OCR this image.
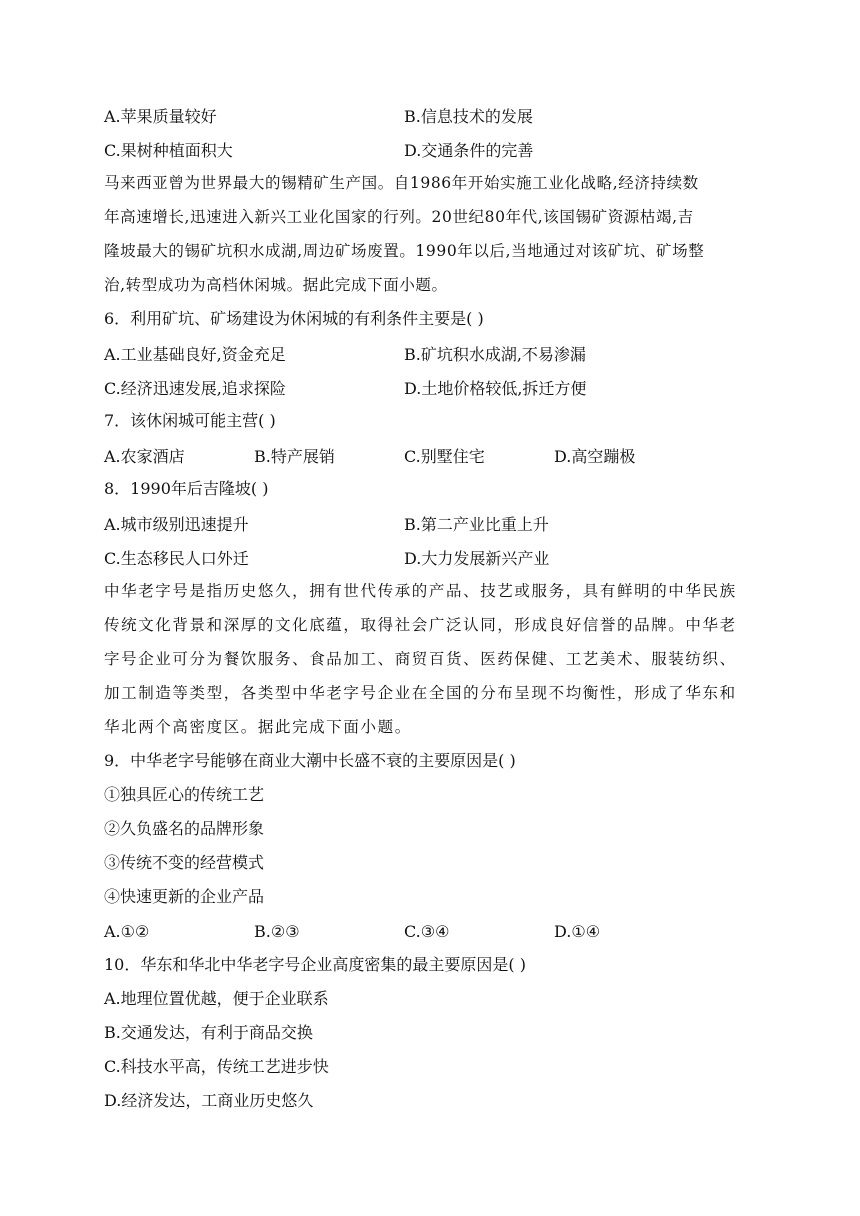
A.苹果质量较好	B.信息技术的发展
C.果树种植面积大	D.交通条件的完善

马来西亚曾为世界最大的锡精矿生产国。自1986年开始实施工业化战略,经济持续数
年高速增长,迅速进入新兴工业化国家的行列。20世纪80年代,该国锡矿资源枯竭,吉
隆坡最大的锡矿坑积水成湖,周边矿场废置。1990年以后,当地通过对该矿坑、矿场整
治,转型成功为高档休闲城。据此完成下面小题。

6．利用矿坑、矿场建设为休闲城的有利条件主要是( )
A.工业基础良好,资金充足	B.矿坑积水成湖,不易渗漏
C.经济迅速发展,追求探险	D.土地价格较低,拆迁方便
7．该休闲城可能主营( )
A.农家酒店	B.特产展销	C.别墅住宅	D.高空蹦极
8．1990年后吉隆坡( )
A.城市级别迅速提升	B.第二产业比重上升
C.生态移民人口外迁	D.大力发展新兴产业

中华老字号是指历史悠久，拥有世代传承的产品、技艺或服务，具有鲜明的中华民族
传统文化背景和深厚的文化底蕴，取得社会广泛认同，形成良好信誉的品牌。中华老
字号企业可分为餐饮服务、食品加工、商贸百货、医药保健、工艺美术、服装纺织、
加工制造等类型，各类型中华老字号企业在全国的分布呈现不均衡性，形成了华东和
华北两个高密度区。据此完成下面小题。

9．中华老字号能够在商业大潮中长盛不衰的主要原因是( )
①独具匠心的传统工艺
②久负盛名的品牌形象
③传统不变的经营模式
④快速更新的企业产品
A.①②	B.②③	C.③④	D.①④
10．华东和华北中华老字号企业高度密集的最主要原因是( )
A.地理位置优越，便于企业联系
B.交通发达，有利于商品交换
C.科技水平高，传统工艺进步快
D.经济发达，工商业历史悠久
